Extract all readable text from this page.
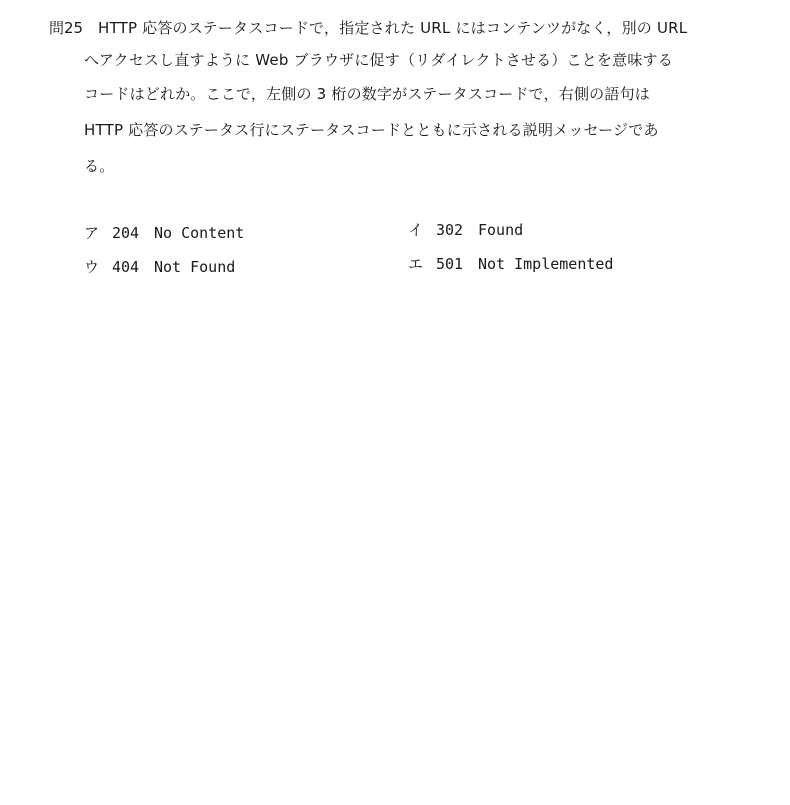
問25 HTTP 応答のステータスコードで，指定された URL にはコンテンツがなく，別の URL
へアクセスし直すように Web ブラウザに促す（リダイレクトさせる）ことを意味する
コードはどれか。ここで，左側の 3 桁の数字がステータスコードで，右側の語句は
HTTP 応答のステータス行にステータスコードとともに示される説明メッセージであ
る。
ア 204 No Content	イ 302 Found
ウ 404 Not Found	エ 501 Not Implemented
